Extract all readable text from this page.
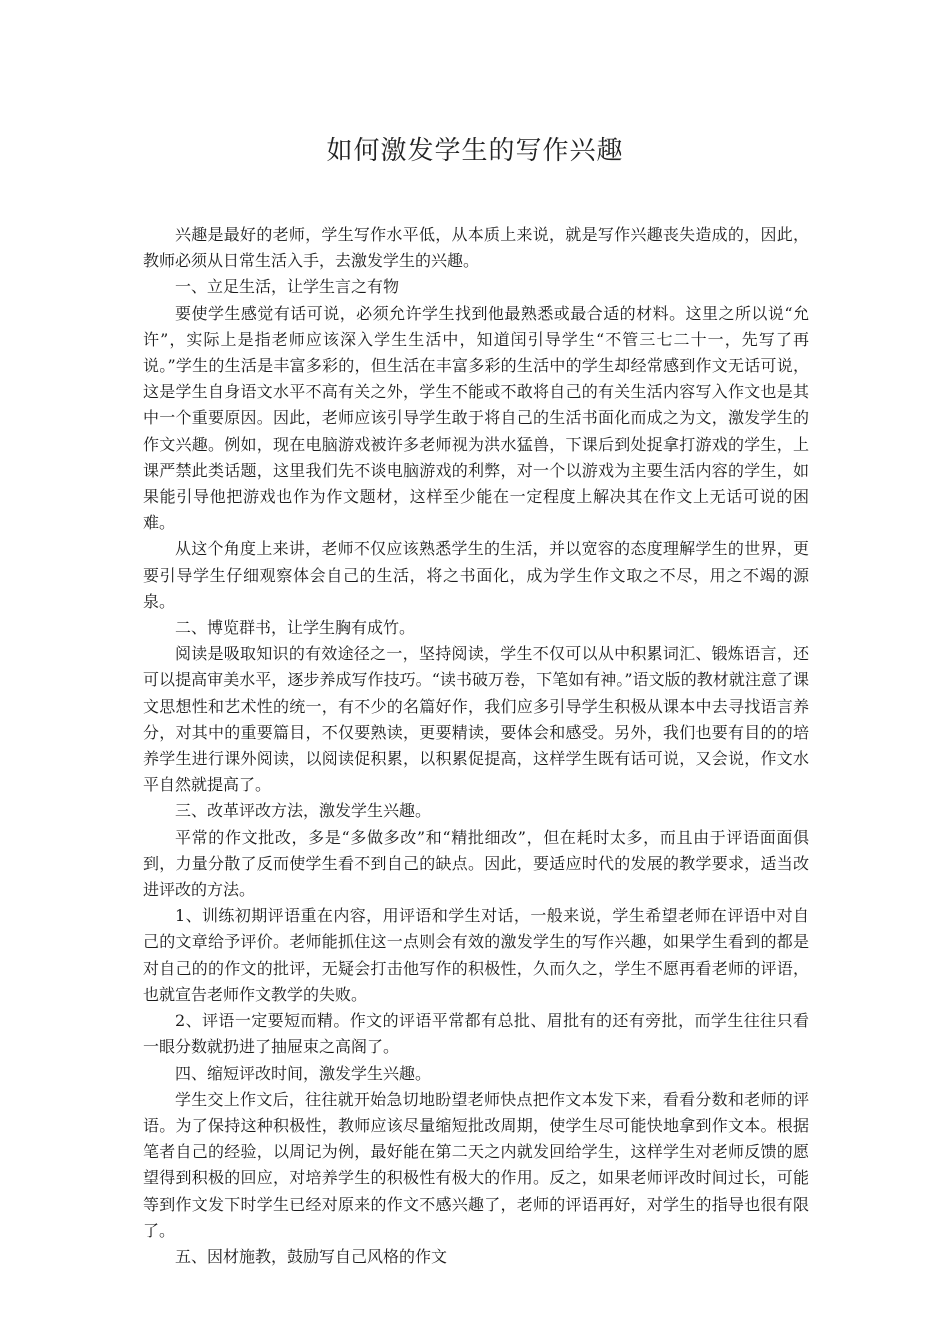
如何激发学生的写作兴趣

兴趣是最好的老师，学生写作水平低，从本质上来说，就是写作兴趣丧失造成的，因此，教师必须从日常生活入手，去激发学生的兴趣。

一、立足生活，让学生言之有物

要使学生感觉有话可说，必须允许学生找到他最熟悉或最合适的材料。这里之所以说“允许”，实际上是指老师应该深入学生生活中，知道闰引导学生“不管三七二十一，先写了再说。”学生的生活是丰富多彩的，但生活在丰富多彩的生活中的学生却经常感到作文无话可说，这是学生自身语文水平不高有关之外，学生不能或不敢将自己的有关生活内容写入作文也是其中一个重要原因。因此，老师应该引导学生敢于将自己的生活书面化而成之为文，激发学生的作文兴趣。例如，现在电脑游戏被许多老师视为洪水猛兽，下课后到处捉拿打游戏的学生，上课严禁此类话题，这里我们先不谈电脑游戏的利弊，对一个以游戏为主要生活内容的学生，如果能引导他把游戏也作为作文题材，这样至少能在一定程度上解决其在作文上无话可说的困难。

从这个角度上来讲，老师不仅应该熟悉学生的生活，并以宽容的态度理解学生的世界，更要引导学生仔细观察体会自己的生活，将之书面化，成为学生作文取之不尽，用之不竭的源泉。

二、博览群书，让学生胸有成竹。

阅读是吸取知识的有效途径之一，坚持阅读，学生不仅可以从中积累词汇、锻炼语言，还可以提高审美水平，逐步养成写作技巧。“读书破万卷，下笔如有神。”语文版的教材就注意了课文思想性和艺术性的统一，有不少的名篇好作，我们应多引导学生积极从课本中去寻找语言养分，对其中的重要篇目，不仅要熟读，更要精读，要体会和感受。另外，我们也要有目的的培养学生进行课外阅读，以阅读促积累，以积累促提高，这样学生既有话可说，又会说，作文水平自然就提高了。

三、改革评改方法，激发学生兴趣。

平常的作文批改，多是“多做多改”和“精批细改”，但在耗时太多，而且由于评语面面俱到，力量分散了反而使学生看不到自己的缺点。因此，要适应时代的发展的教学要求，适当改进评改的方法。

1、训练初期评语重在内容，用评语和学生对话，一般来说，学生希望老师在评语中对自己的文章给予评价。老师能抓住这一点则会有效的激发学生的写作兴趣，如果学生看到的都是对自己的的作文的批评，无疑会打击他写作的积极性，久而久之，学生不愿再看老师的评语，也就宣告老师作文教学的失败。

2、评语一定要短而精。作文的评语平常都有总批、眉批有的还有旁批，而学生往往只看一眼分数就扔进了抽屉束之高阁了。

四、缩短评改时间，激发学生兴趣。

学生交上作文后，往往就开始急切地盼望老师快点把作文本发下来，看看分数和老师的评语。为了保持这种积极性，教师应该尽量缩短批改周期，使学生尽可能快地拿到作文本。根据笔者自己的经验，以周记为例，最好能在第二天之内就发回给学生，这样学生对老师反馈的愿望得到积极的回应，对培养学生的积极性有极大的作用。反之，如果老师评改时间过长，可能等到作文发下时学生已经对原来的作文不感兴趣了，老师的评语再好，对学生的指导也很有限了。

五、因材施教，鼓励写自己风格的作文
